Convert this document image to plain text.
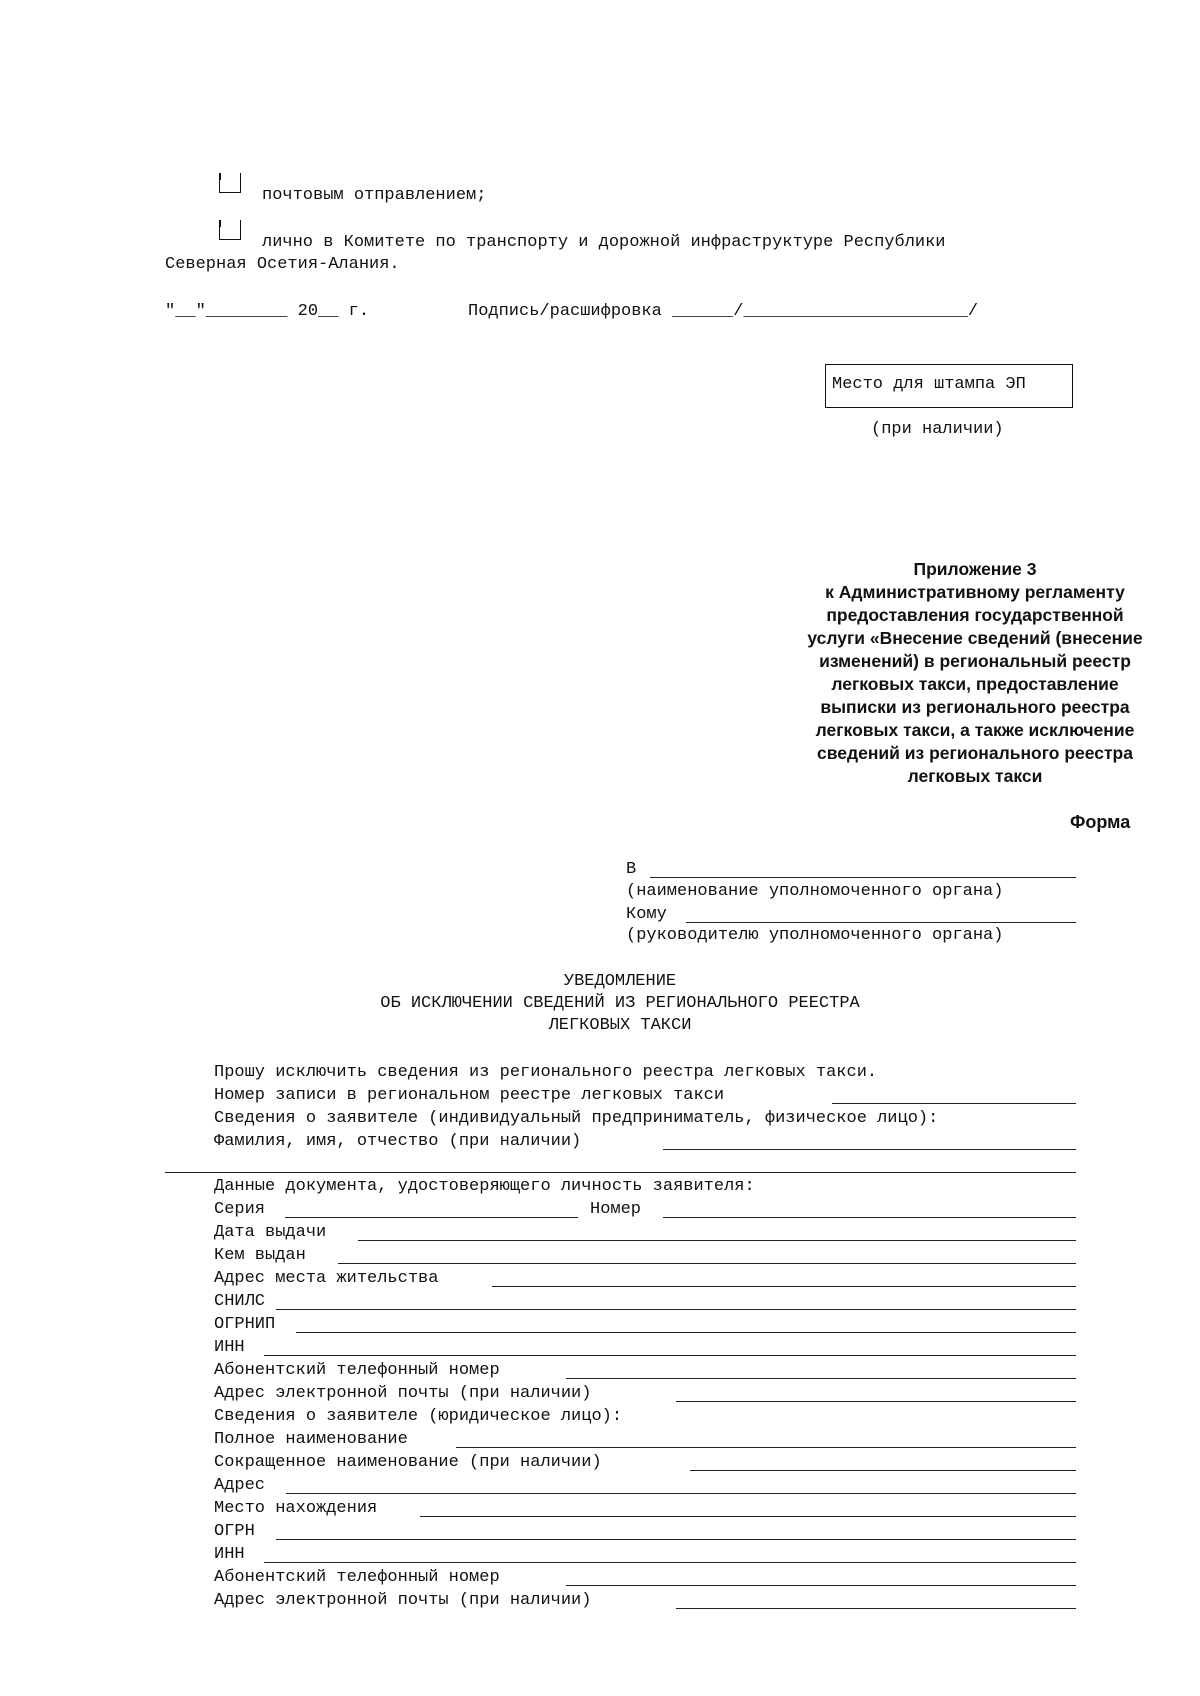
почтовым отправлением;
лично в Комитете по транспорту и дорожной инфраструктуре Республики
Северная Осетия-Алания.
"__"________ 20__ г.	Подпись/расшифровка ______/______________________/
Место для штампа ЭП
(при наличии)
Приложение 3
к Административному регламенту
предоставления государственной
услуги «Внесение сведений (внесение
изменений) в региональный реестр
легковых такси, предоставление
выписки из регионального реестра
легковых такси, а также исключение
сведений из регионального реестра
легковых такси
Форма
В
(наименование уполномоченного органа)
Кому
(руководителю уполномоченного органа)
УВЕДОМЛЕНИЕ
ОБ ИСКЛЮЧЕНИИ СВЕДЕНИЙ ИЗ РЕГИОНАЛЬНОГО РЕЕСТРА
ЛЕГКОВЫХ ТАКСИ
Прошу исключить сведения из регионального реестра легковых такси.
Номер записи в региональном реестре легковых такси
Сведения о заявителе (индивидуальный предприниматель, физическое лицо):
Фамилия, имя, отчество (при наличии)
Данные документа, удостоверяющего личность заявителя:
Серия	Номер
Дата выдачи
Кем выдан
Адрес места жительства
СНИЛС
ОГРНИП
ИНН
Абонентский телефонный номер
Адрес электронной почты (при наличии)
Сведения о заявителе (юридическое лицо):
Полное наименование
Сокращенное наименование (при наличии)
Адрес
Место нахождения
ОГРН
ИНН
Абонентский телефонный номер
Адрес электронной почты (при наличии)
